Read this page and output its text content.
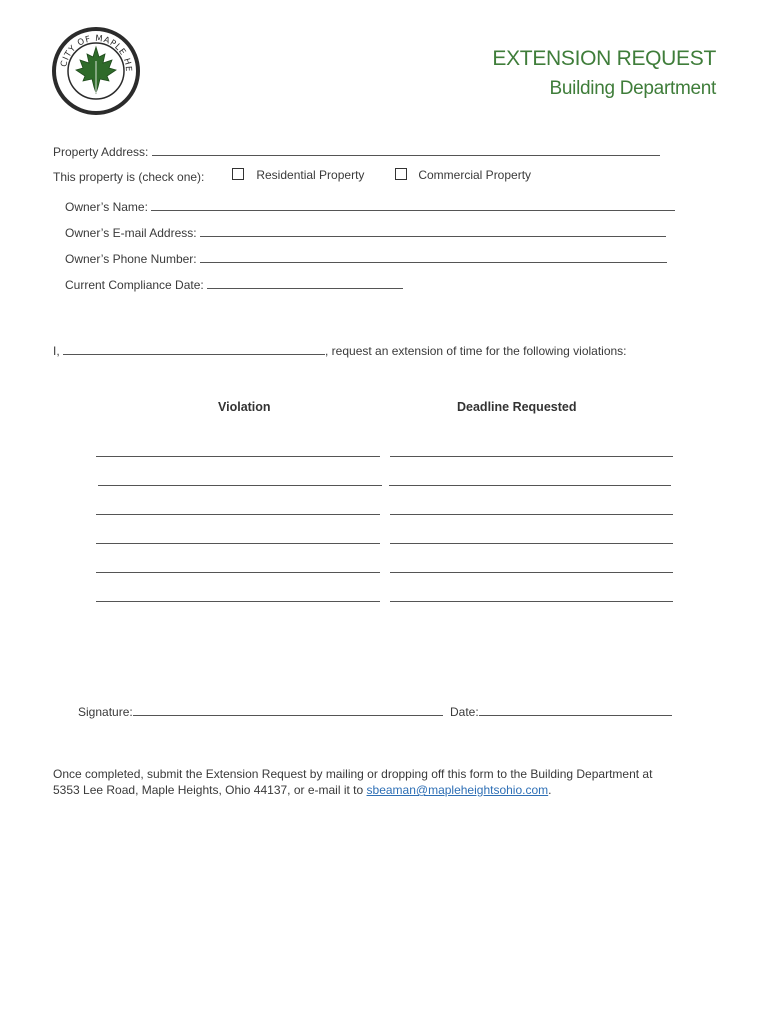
CITY OF MAPLE HE	EXTENSION REQUEST
Building Department
Property Address:
This property is (check one):	Residential Property	Commercial Property
Owner’s Name:
Owner’s E-mail Address:
Owner’s Phone Number:
Current Compliance Date:
I,	, request an extension of time for the following violations:
Violation	Deadline Requested
Signature:	Date:
Once completed, submit the Extension Request by mailing or dropping off this form to the Building Department at
5353 Lee Road, Maple Heights, Ohio 44137, or e-mail it to sbeaman@mapleheightsohio.com.
